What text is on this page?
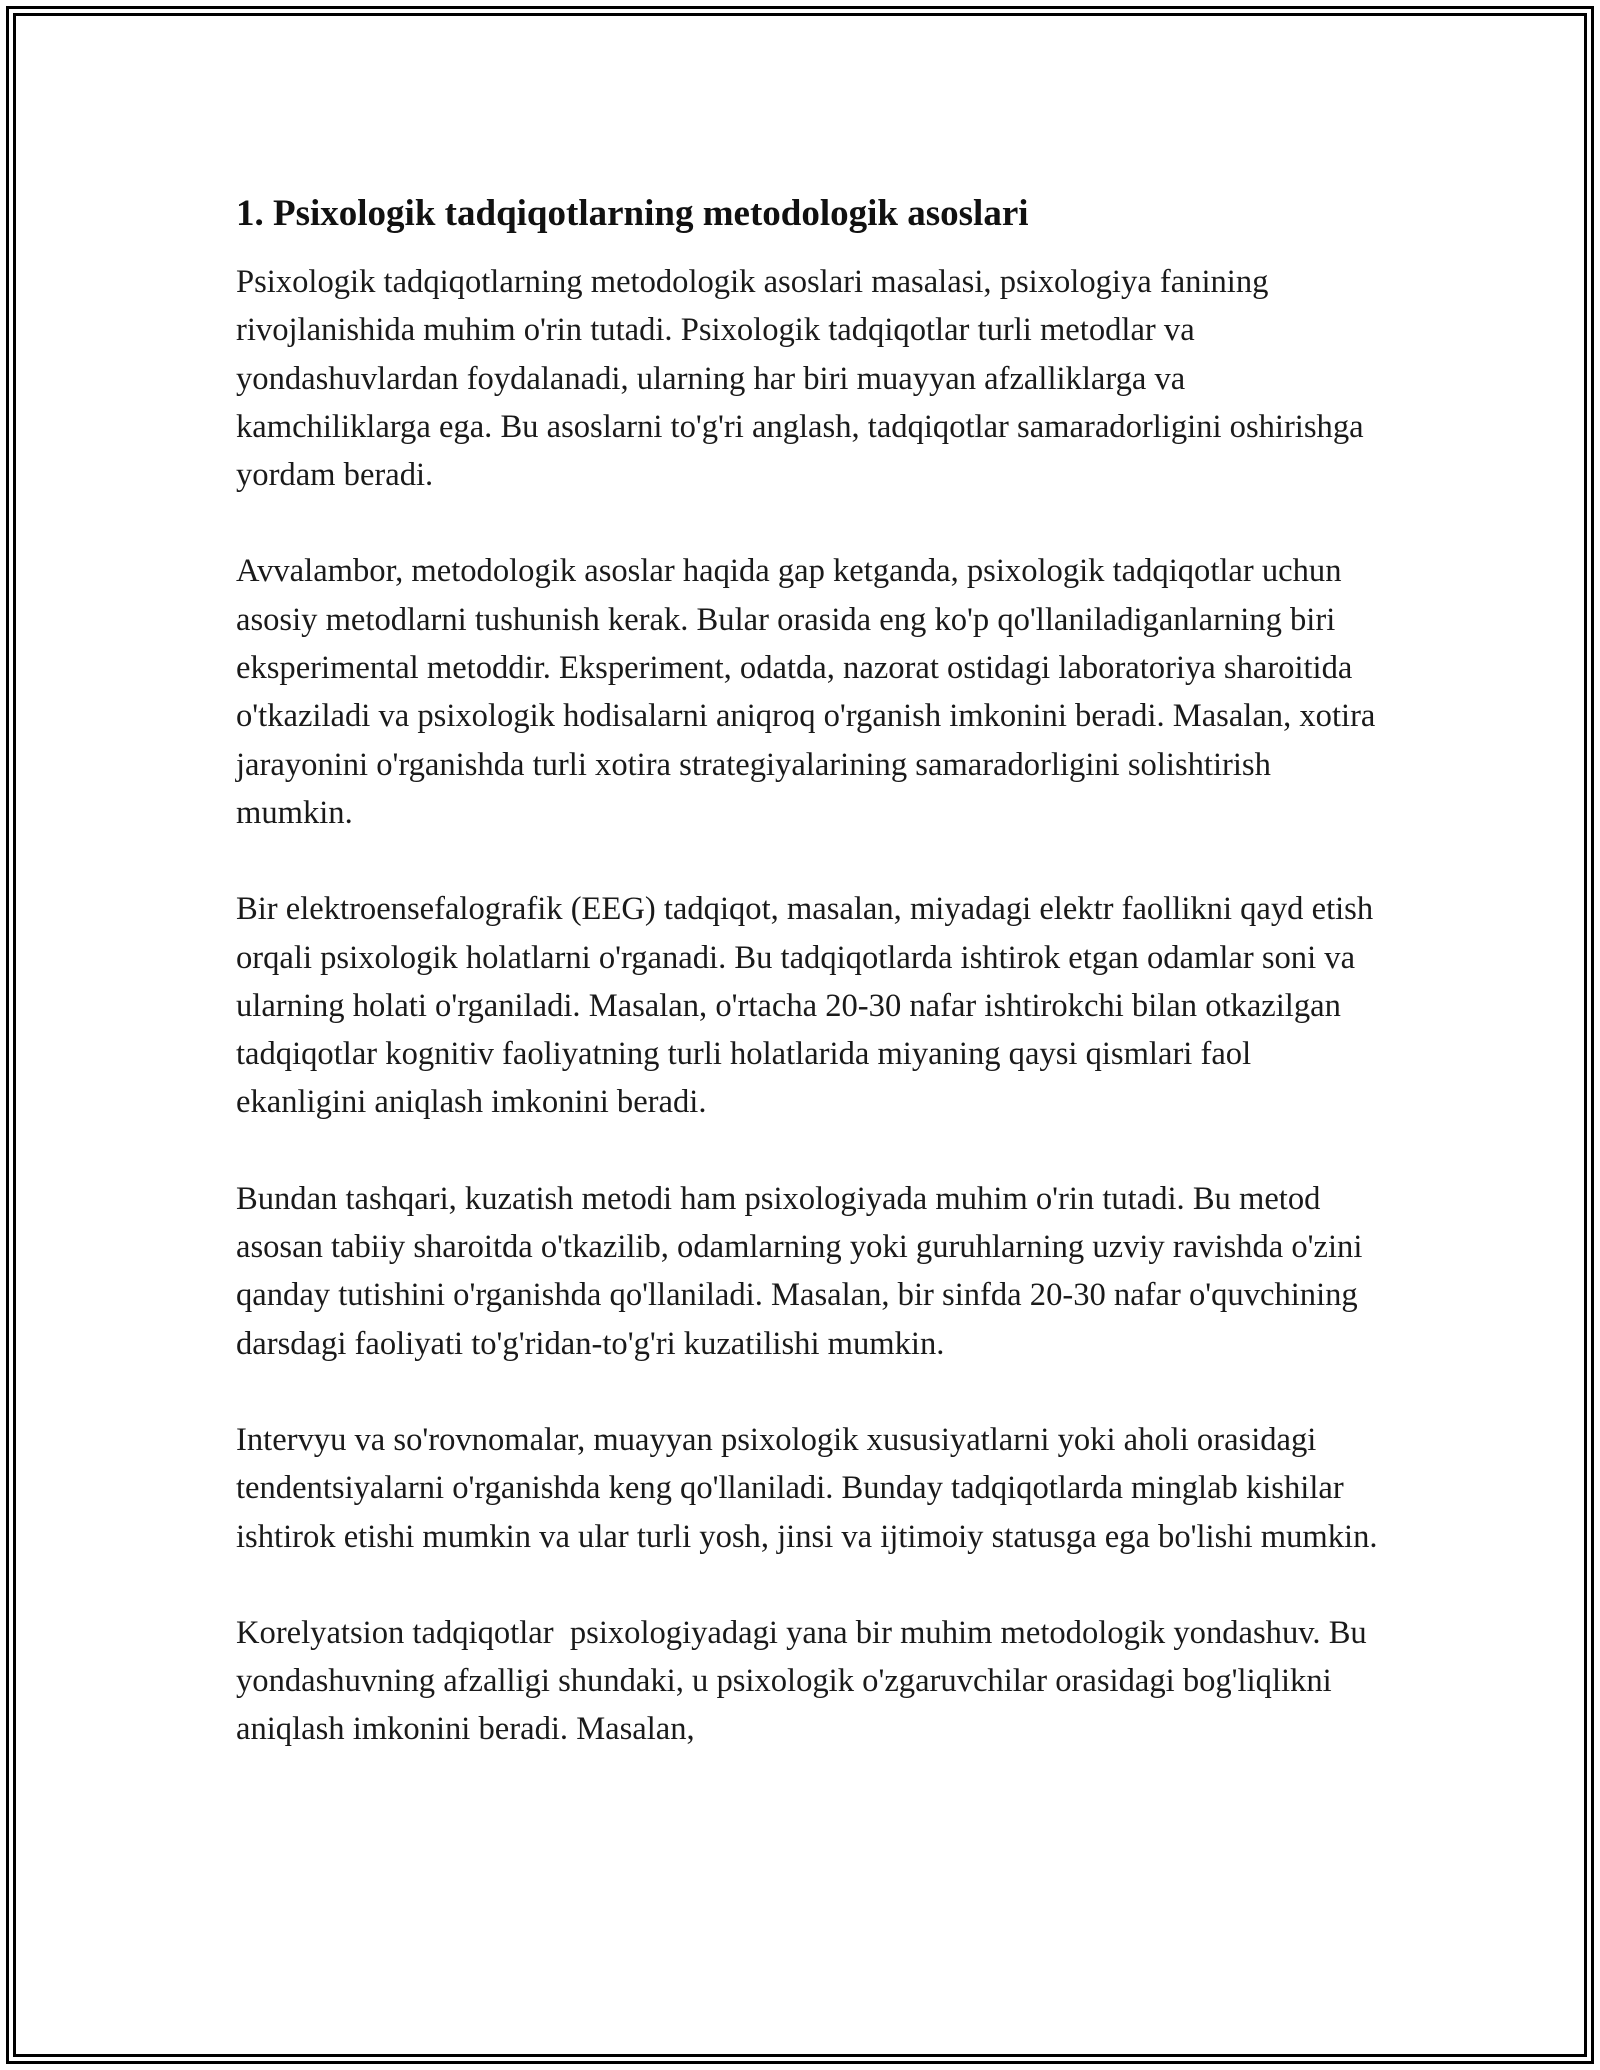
1. Psixologik tadqiqotlarning metodologik asoslari

Psixologik tadqiqotlarning metodologik asoslari masalasi, psixologiya fanining rivojlanishida muhim o'rin tutadi. Psixologik tadqiqotlar turli metodlar va yondashuvlardan foydalanadi, ularning har biri muayyan afzalliklarga va kamchiliklarga ega. Bu asoslarni to'g'ri anglash, tadqiqotlar samaradorligini oshirishga yordam beradi.

Avvalambor, metodologik asoslar haqida gap ketganda, psixologik tadqiqotlar uchun asosiy metodlarni tushunish kerak. Bular orasida eng ko'p qo'llaniladiganlarning biri eksperimental metoddir. Eksperiment, odatda, nazorat ostidagi laboratoriya sharoitida o'tkaziladi va psixologik hodisalarni aniqroq o'rganish imkonini beradi. Masalan, xotira jarayonini o'rganishda turli xotira strategiyalarining samaradorligini solishtirish mumkin.

Bir elektroensefalografik (EEG) tadqiqot, masalan, miyadagi elektr faollikni qayd etish orqali psixologik holatlarni o'rganadi. Bu tadqiqotlarda ishtirok etgan odamlar soni va ularning holati o'rganiladi. Masalan, o'rtacha 20-30 nafar ishtirokchi bilan otkazilgan tadqiqotlar kognitiv faoliyatning turli holatlarida miyaning qaysi qismlari faol ekanligini aniqlash imkonini beradi.

Bundan tashqari, kuzatish metodi ham psixologiyada muhim o'rin tutadi. Bu metod asosan tabiiy sharoitda o'tkazilib, odamlarning yoki guruhlarning uzviy ravishda o'zini qanday tutishini o'rganishda qo'llaniladi. Masalan, bir sinfda 20-30 nafar o'quvchining darsdagi faoliyati to'g'ridan-to'g'ri kuzatilishi mumkin.

Intervyu va so'rovnomalar, muayyan psixologik xususiyatlarni yoki aholi orasidagi tendentsiyalarni o'rganishda keng qo'llaniladi. Bunday tadqiqotlarda minglab kishilar ishtirok etishi mumkin va ular turli yosh, jinsi va ijtimoiy statusga ega bo'lishi mumkin.

Korelyatsion tadqiqotlar  psixologiyadagi yana bir muhim metodologik yondashuv. Bu yondashuvning afzalligi shundaki, u psixologik o'zgaruvchilar orasidagi bog'liqlikni aniqlash imkonini beradi. Masalan,
